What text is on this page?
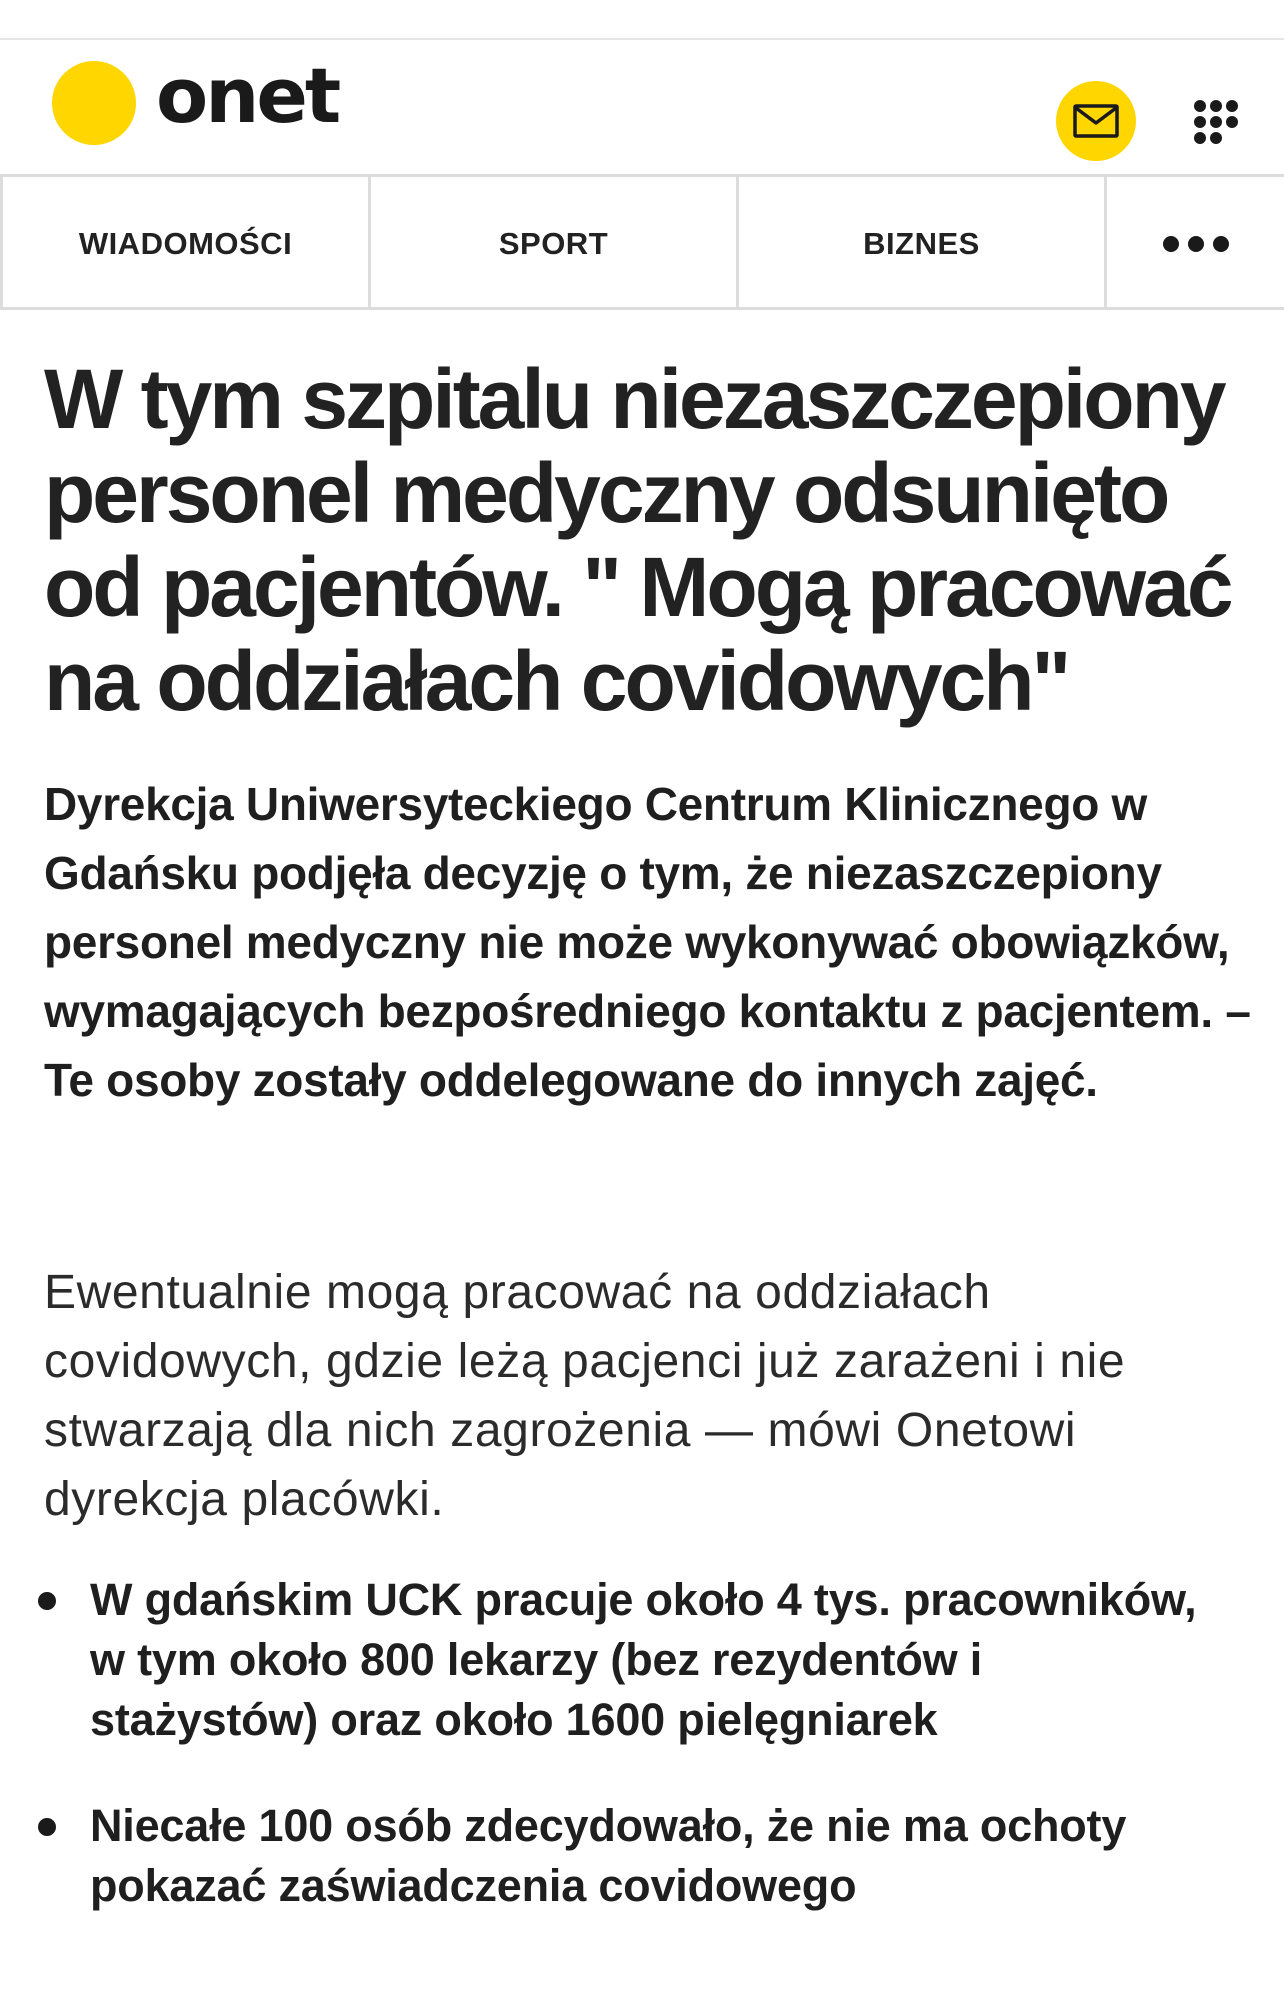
onet
WIADOMOŚCI	SPORT	BIZNES
W tym szpitalu niezaszczepiony personel medyczny odsunięto od pacjentów. " Mogą pracować na oddziałach covidowych"

Dyrekcja Uniwersyteckiego Centrum Klinicznego w Gdańsku podjęła decyzję o tym, że niezaszczepiony personel medyczny nie może wykonywać obowiązków, wymagających bezpośredniego kontaktu z pacjentem. – Te osoby zostały oddelegowane do innych zajęć.

Ewentualnie mogą pracować na oddziałach covidowych, gdzie leżą pacjenci już zarażeni i nie stwarzają dla nich zagrożenia — mówi Onetowi dyrekcja placówki.

W gdańskim UCK pracuje około 4 tys. pracowników, w tym około 800 lekarzy (bez rezydentów i stażystów) oraz około 1600 pielęgniarek
Niecałe 100 osób zdecydowało, że nie ma ochoty pokazać zaświadczenia covidowego
